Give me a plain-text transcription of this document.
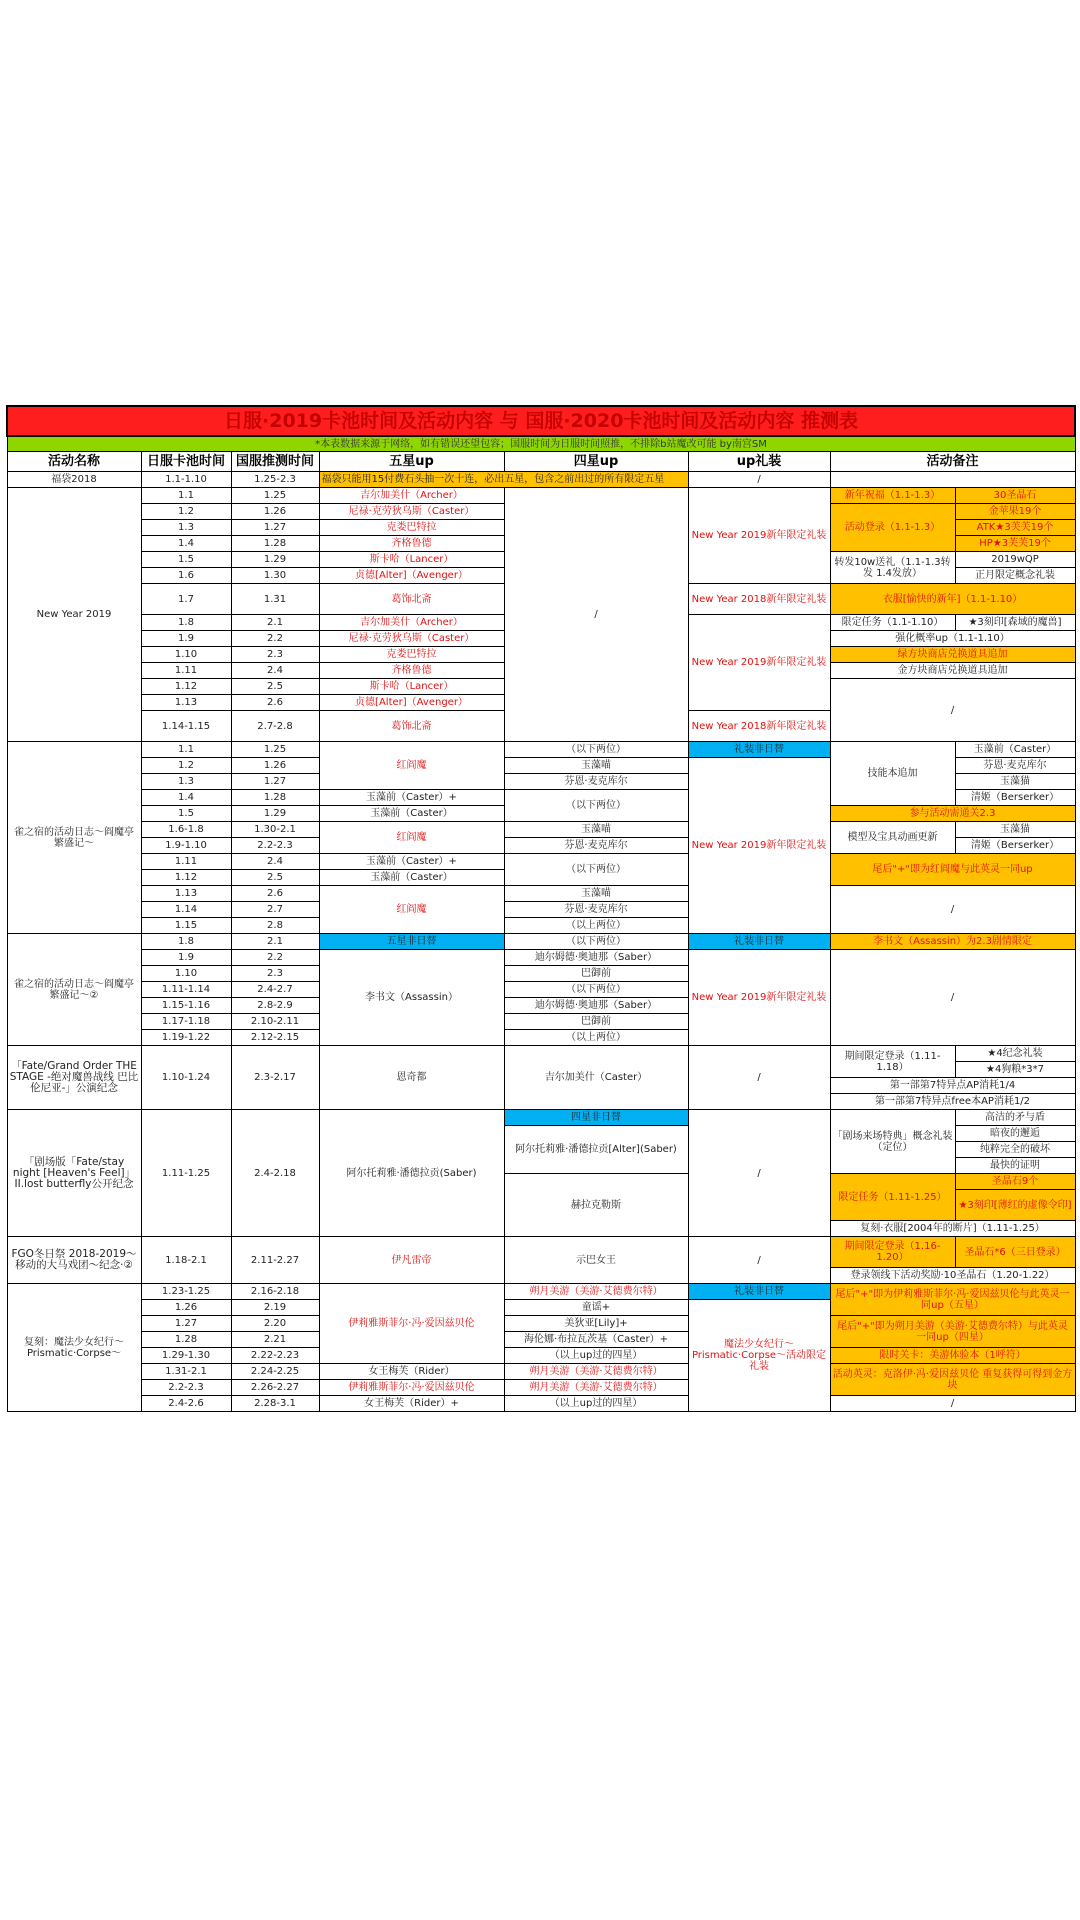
日服·2019卡池时间及活动内容 与 国服·2020卡池时间及活动内容 推测表							
*本表数据来源于网络，如有错误还望包容；国服时间为日服时间照推，不排除b站魔改可能 by南宫SM							
活动名称	日服卡池时间	国服推测时间	五星up	四星up	up礼装	活动备注	
福袋2018	1.1-1.10	1.25-2.3	福袋只能用15付费石头抽一次十连，必出五星，包含之前出过的所有限定五星		/		
New Year 2019	1.1	1.25	吉尔加美什（Archer）	/	New Year 2019新年限定礼装	新年祝福（1.1-1.3）	30圣晶石
	1.2	1.26	尼禄·克劳狄乌斯（Caster）			活动登录（1.1-1.3）	金苹果19个
	1.3	1.27	克娄巴特拉				ATK★3芙芙19个
	1.4	1.28	齐格鲁德				HP★3芙芙19个
	1.5	1.29	斯卡哈（Lancer）			转发10w送礼（1.1-1.3转发 1.4发放）	2019wQP
	1.6	1.30	贞德[Alter]（Avenger）				正月限定概念礼装
	1.7	1.31	葛饰北斋		New Year 2018新年限定礼装	衣服[愉快的新年]（1.1-1.10）	
	1.8	2.1	吉尔加美什（Archer）		New Year 2019新年限定礼装	限定任务（1.1-1.10）	★3刻印[森域的魔兽]
	1.9	2.2	尼禄·克劳狄乌斯（Caster）			强化概率up（1.1-1.10）	
	1.10	2.3	克娄巴特拉			绿方块商店兑换道具追加	
	1.11	2.4	齐格鲁德			金方块商店兑换道具追加	
	1.12	2.5	斯卡哈（Lancer）			/	
	1.13	2.6	贞德[Alter]（Avenger）				
	1.14-1.15	2.7-2.8	葛饰北斋		New Year 2018新年限定礼装		
雀之宿的活动日志～阎魔亭繁盛记～	1.1	1.25	红阎魔	（以下两位）	礼装非日替	技能本追加	玉藻前（Caster）
	1.2	1.26		玉藻喵	New Year 2019新年限定礼装		芬恩·麦克库尔
	1.3	1.27		芬恩·麦克库尔			玉藻猫
	1.4	1.28	玉藻前（Caster）+	（以下两位）			清姬（Berserker）
	1.5	1.29	玉藻前（Caster）			参与活动需通关2.3	
	1.6-1.8	1.30-2.1	红阎魔	玉藻喵		模型及宝具动画更新	玉藻猫
	1.9-1.10	2.2-2.3		芬恩·麦克库尔			清姬（Berserker）
	1.11	2.4	玉藻前（Caster）+	（以下两位）		尾后"+"即为红阎魔与此英灵一同up	
	1.12	2.5	玉藻前（Caster）				
	1.13	2.6	红阎魔	玉藻喵		/	
	1.14	2.7		芬恩·麦克库尔			
	1.15	2.8		（以上两位）			
雀之宿的活动日志～阎魔亭繁盛记～②	1.8	2.1	五星非日替	（以下两位）	礼装非日替	李书文（Assassin）为2.3剧情限定	
	1.9	2.2	李书文（Assassin）	迪尔姆德·奥迪那（Saber）	New Year 2019新年限定礼装	/	
	1.10	2.3		巴御前			
	1.11-1.14	2.4-2.7		（以下两位）			
	1.15-1.16	2.8-2.9		迪尔姆德·奥迪那（Saber）			
	1.17-1.18	2.10-2.11		巴御前			
	1.19-1.22	2.12-2.15		（以上两位）			
「Fate/Grand Order THE STAGE -绝对魔兽战线 巴比伦尼亚-」公演纪念	1.10-1.24	2.3-2.17	恩奇都	吉尔加美什（Caster）	/	期间限定登录（1.11-1.18）	★4纪念礼装
							★4狗粮*3*7
						第一部第7特异点AP消耗1/4	
						第一部第7特异点free本AP消耗1/2	
「剧场版「Fate/stay night [Heaven's Feel]」II.lost butterfly公开纪念	1.11-1.25	2.4-2.18	阿尔托莉雅·潘德拉贡(Saber)	四星非日替	/	「剧场来场特典」概念礼装（定位）	高洁的矛与盾
				阿尔托莉雅·潘德拉贡[Alter](Saber)			暗夜的邂逅
							纯粹完全的破坏
							最快的证明
				赫拉克勒斯		限定任务（1.11-1.25）	圣晶石9个
							★3刻印[薄红的虚像令印]
						复刻·衣服[2004年的断片]（1.11-1.25）	
FGO冬日祭 2018-2019～移动的大马戏团～纪念·②	1.18-2.1	2.11-2.27	伊凡雷帝	示巴女王	/	期间限定登录（1.16-1.20）	圣晶石*6（三日登录）
						登录领线下活动奖励·10圣晶石（1.20-1.22）	
复刻：魔法少女纪行～Prismatic·Corpse～	1.23-1.25	2.16-2.18	伊莉雅斯菲尔·冯·爱因兹贝伦	朔月美游（美游·艾德费尔特）	礼装非日替	尾后"+"即为伊莉雅斯菲尔·冯·爱因兹贝伦与此英灵一同up（五星）	
	1.26	2.19		童谣+	魔法少女纪行～Prismatic·Corpse～活动限定礼装		
	1.27	2.20		美狄亚[Lily]+		尾后"+"即为朔月美游（美游·艾德费尔特）与此英灵一同up（四星）	
	1.28	2.21		海伦娜·布拉瓦茨基（Caster）+			
	1.29-1.30	2.22-2.23		（以上up过的四星）		限时关卡：美游体验本（1呼符）	
	1.31-2.1	2.24-2.25	女王梅芙（Rider）	朔月美游（美游·艾德费尔特）		活动英灵：克洛伊·冯·爱因兹贝伦 重复获得可得到金方块	
	2.2-2.3	2.26-2.27	伊莉雅斯菲尔·冯·爱因兹贝伦	朔月美游（美游·艾德费尔特）			
	2.4-2.6	2.28-3.1	女王梅芙（Rider）+	（以上up过的四星）		/	
